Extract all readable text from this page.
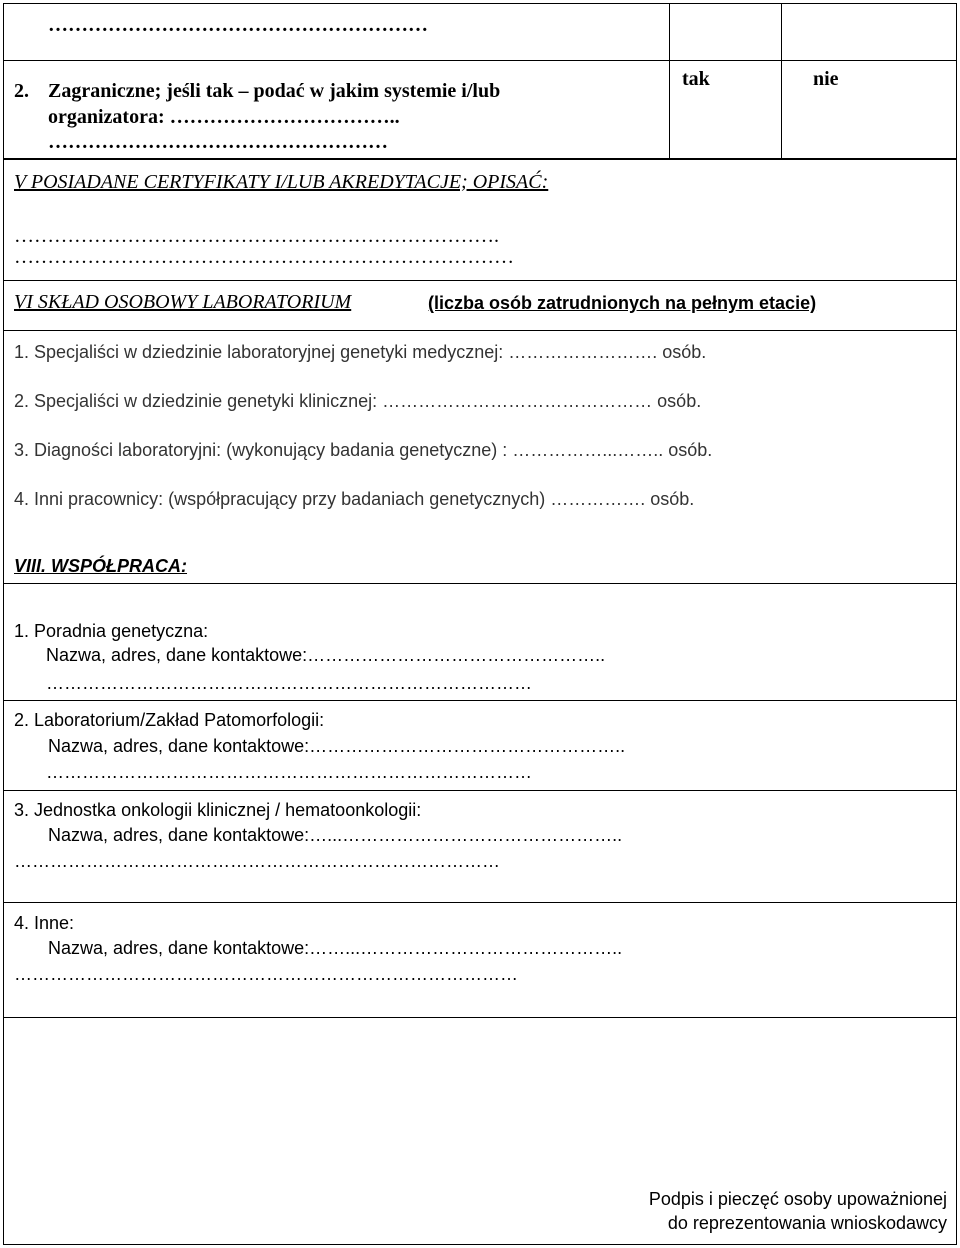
…………………………………………………
2. Zagraniczne; jeśli tak – podać w jakim systemie i/lub
organizatora: ……………………………..
……………………………………………
tak	nie
V POSIADANE CERTYFIKATY I/LUB AKREDYTACJE; OPISAĆ:
……………………………………………………………….
…………………………………………………………………
VI SKŁAD OSOBOWY LABORATORIUM	(liczba osób zatrudnionych na pełnym etacie)
1. Specjaliści w dziedzinie laboratoryjnej genetyki medycznej: ……………………. osób.
2. Specjaliści w dziedzinie genetyki klinicznej: ……………………………………… osób.
3. Diagności laboratoryjni: (wykonujący badania genetyczne) : ……………...…….. osób.
4. Inni pracownicy: (współpracujący przy badaniach genetycznych) ……………. osób.
VIII. WSPÓŁPRACA:
1. Poradnia genetyczna:
Nazwa, adres, dane kontaktowe:…………………………………………..
………………………………………………………………………
2. Laboratorium/Zakład Patomorfologii:
Nazwa, adres, dane kontaktowe:……………………………………………..
………………………………………………………………………
3. Jednostka onkologii klinicznej / hematoonkologii:
Nazwa, adres, dane kontaktowe:…...………………………………………..
………………………………………………………………………
4. Inne:
Nazwa, adres, dane kontaktowe:……...……………………………………..
…………………………………………………………………………
Podpis i pieczęć osoby upoważnionej
do reprezentowania wnioskodawcy
